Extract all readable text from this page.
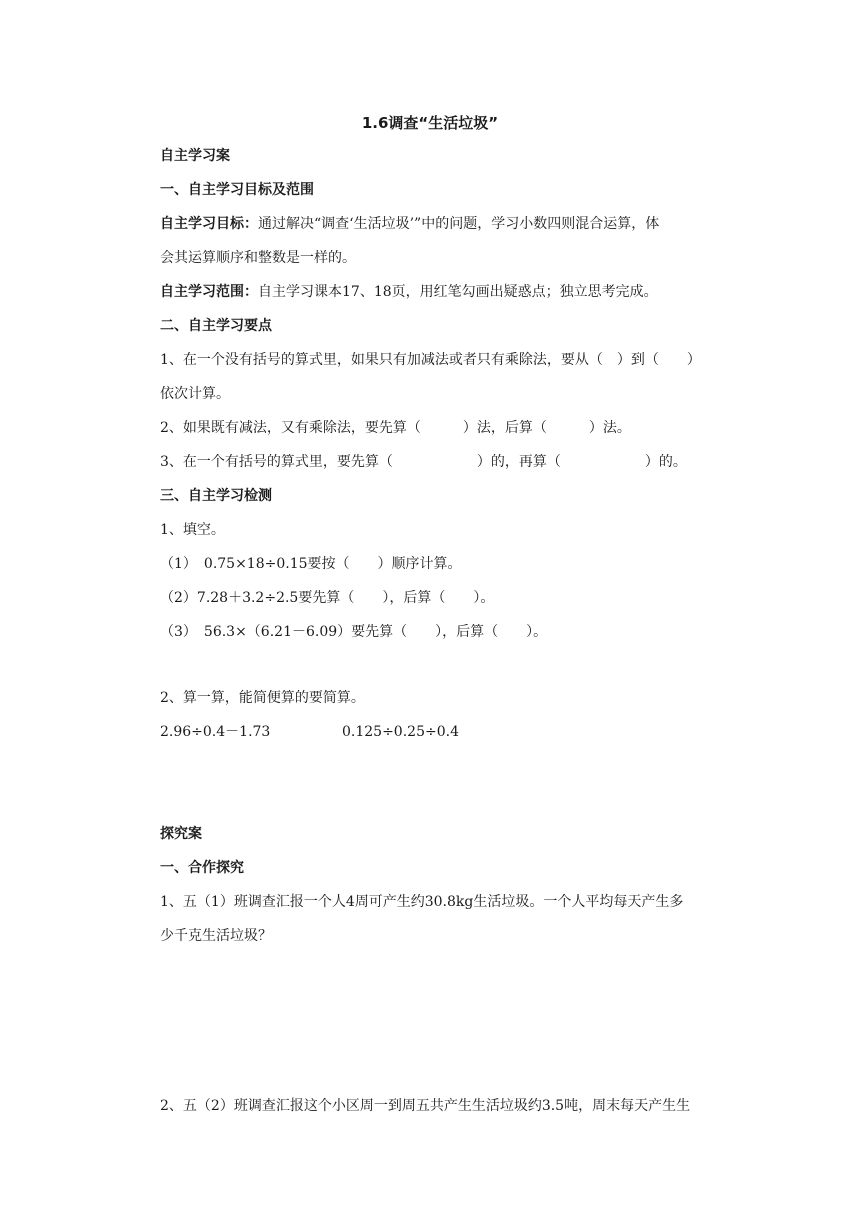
1.6调查“生活垃圾”
自主学习案
一、自主学习目标及范围
自主学习目标：通过解决“调查‘生活垃圾’”中的问题，学习小数四则混合运算，体
会其运算顺序和整数是一样的。
自主学习范围：自主学习课本17、18页，用红笔勾画出疑惑点；独立思考完成。
二、自主学习要点
1、在一个没有括号的算式里，如果只有加减法或者只有乘除法，要从（　）到（　　）
依次计算。
2、如果既有减法，又有乘除法，要先算（　　　）法，后算（　　　）法。
3、在一个有括号的算式里，要先算（　　　　　　）的，再算（　　　　　　）的。
三、自主学习检测
1、填空。
（1）　0.75×18÷0.15要按（　　）顺序计算。
（2）7.28＋3.2÷2.5要先算（　　），后算（　　）。
（3）　56.3×（6.21－6.09）要先算（　　），后算（　　）。
2、算一算，能简便算的要简算。
2.96÷0.4－1.73	0.125÷0.25÷0.4
探究案
一、合作探究
1、五（1）班调查汇报一个人4周可产生约30.8kg生活垃圾。一个人平均每天产生多
少千克生活垃圾？
2、五（2）班调查汇报这个小区周一到周五共产生生活垃圾约3.5吨，周末每天产生生
